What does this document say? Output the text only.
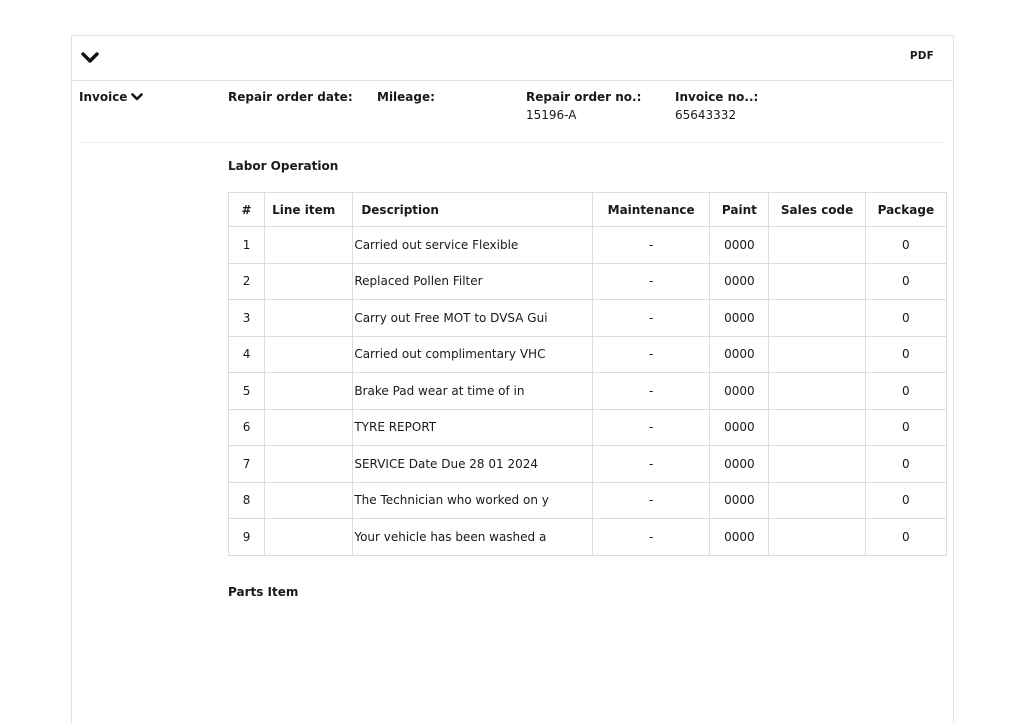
PDF
Invoice	Repair order date: Mileage:	Repair order no.:
15196-A
Invoice no..:
65643332
Labor Operation
#	Line item	Description	Maintenance	Paint	Sales code	Package
1		Carried out service Flexible	-	0000		0
2		Replaced Pollen Filter	-	0000		0
3		Carry out Free MOT to DVSA Gui	-	0000		0
4		Carried out complimentary VHC	-	0000		0
5		Brake Pad wear at time of in	-	0000		0
6		TYRE REPORT	-	0000		0
7		SERVICE Date Due 28 01 2024	-	0000		0
8		The Technician who worked on y	-	0000		0
9		Your vehicle has been washed a	-	0000		0
Parts Item
